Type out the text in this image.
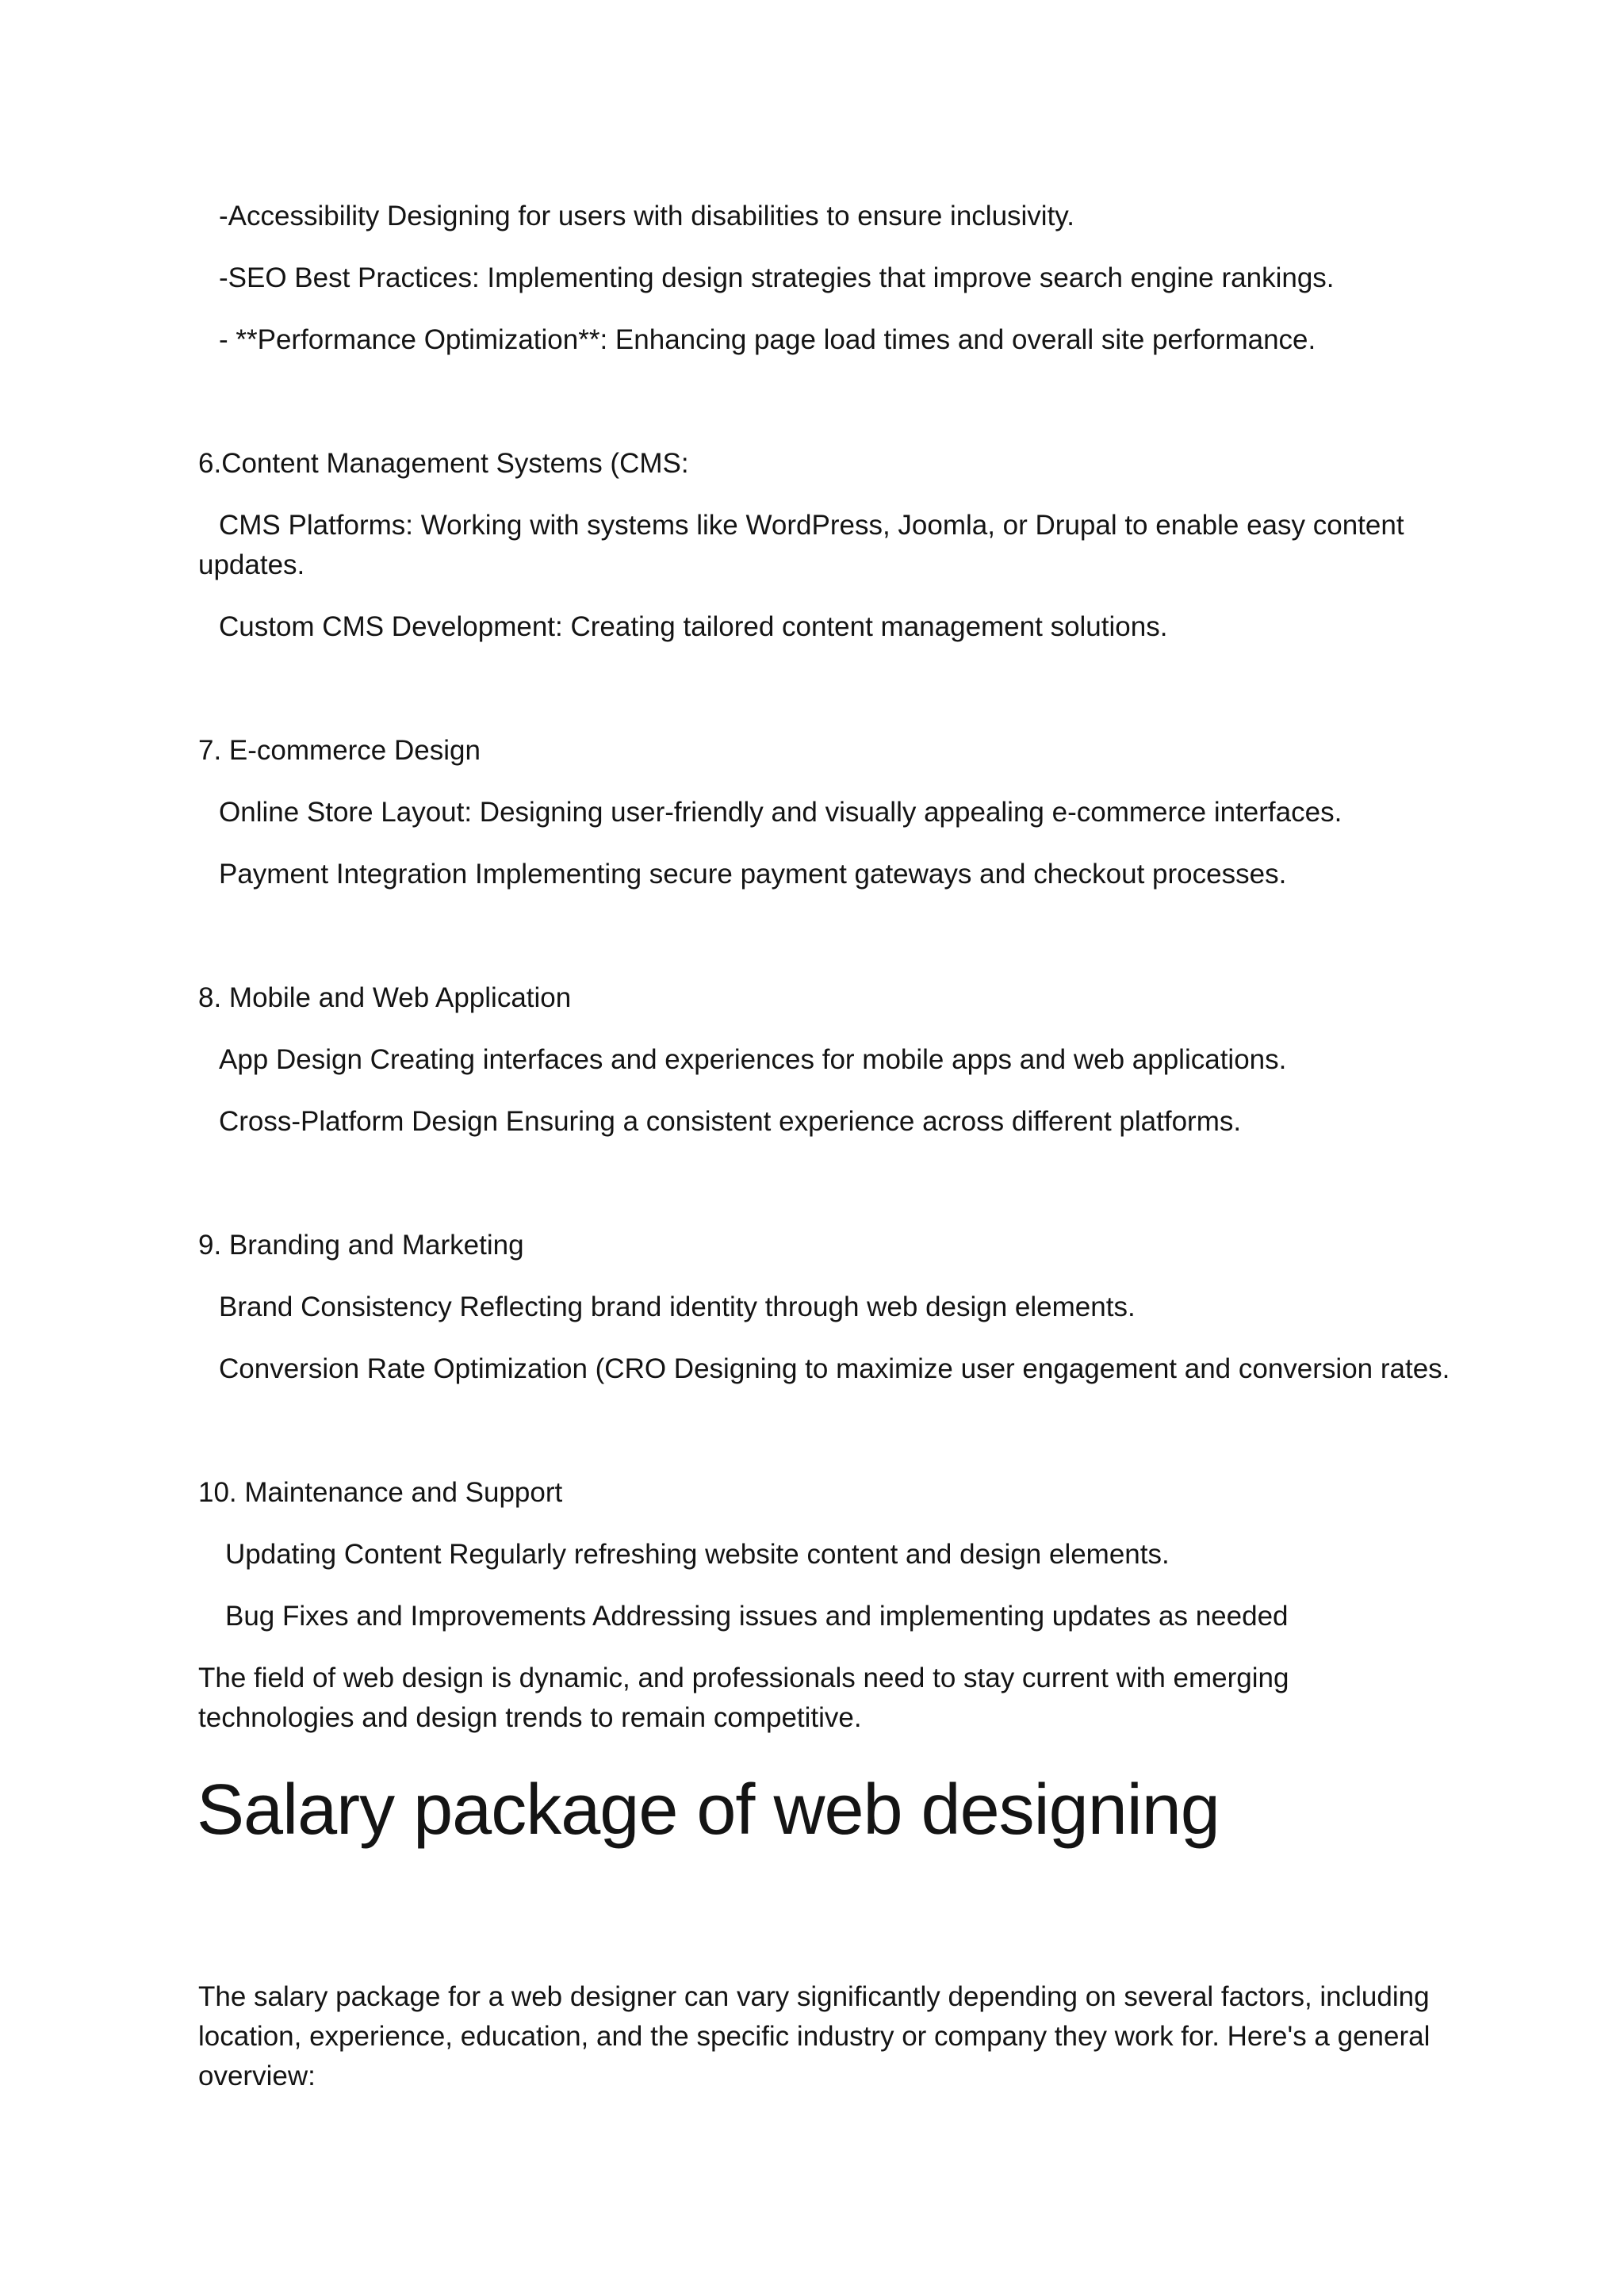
-Accessibility Designing for users with disabilities to ensure inclusivity.
-SEO Best Practices: Implementing design strategies that improve search engine rankings.
- **Performance Optimization**: Enhancing page load times and overall site performance.
6.Content Management Systems (CMS:
CMS Platforms: Working with systems like WordPress, Joomla, or Drupal to enable easy content updates.
Custom CMS Development: Creating tailored content management solutions.
7. E-commerce Design
Online Store Layout: Designing user-friendly and visually appealing e-commerce interfaces.
Payment Integration Implementing secure payment gateways and checkout processes.
8. Mobile and Web Application
App Design Creating interfaces and experiences for mobile apps and web applications.
Cross-Platform Design Ensuring a consistent experience across different platforms.
9. Branding and Marketing
Brand Consistency Reflecting brand identity through web design elements.
Conversion Rate Optimization (CRO Designing to maximize user engagement and conversion rates.
10. Maintenance and Support
Updating Content Regularly refreshing website content and design elements.
Bug Fixes and Improvements Addressing issues and implementing updates as needed
The field of web design is dynamic, and professionals need to stay current with emerging technologies and design trends to remain competitive.
Salary package of web designing
The salary package for a web designer can vary significantly depending on several factors, including location, experience, education, and the specific industry or company they work for. Here's a general overview:
